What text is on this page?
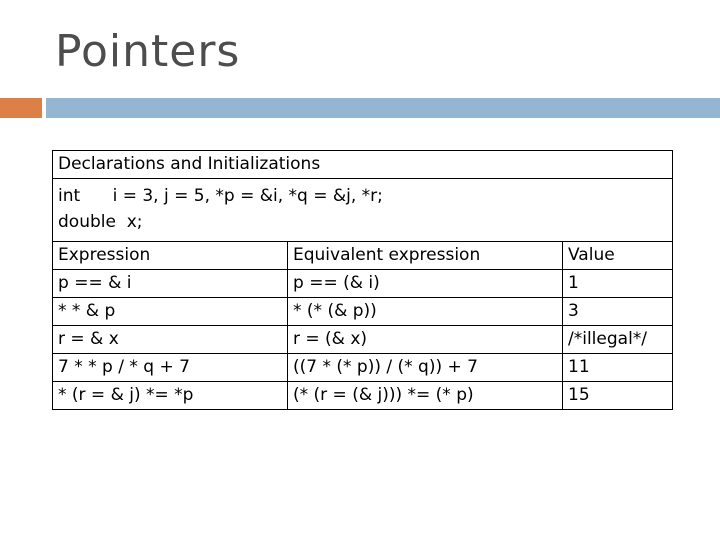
Pointers
Declarations and Initializations		

int      i = 3, j = 5, *p = &i, *q = &j, *r;
double  x;		

Expression	Equivalent expression	Value
p == & i	p == (& i)	1
* * & p	* (* (& p))	3
r = & x	r = (& x)	/*illegal*/
7 * * p / * q + 7	((7 * (* p)) / (* q)) + 7	11
* (r = & j) *= *p	(* (r = (& j))) *= (* p)	15
